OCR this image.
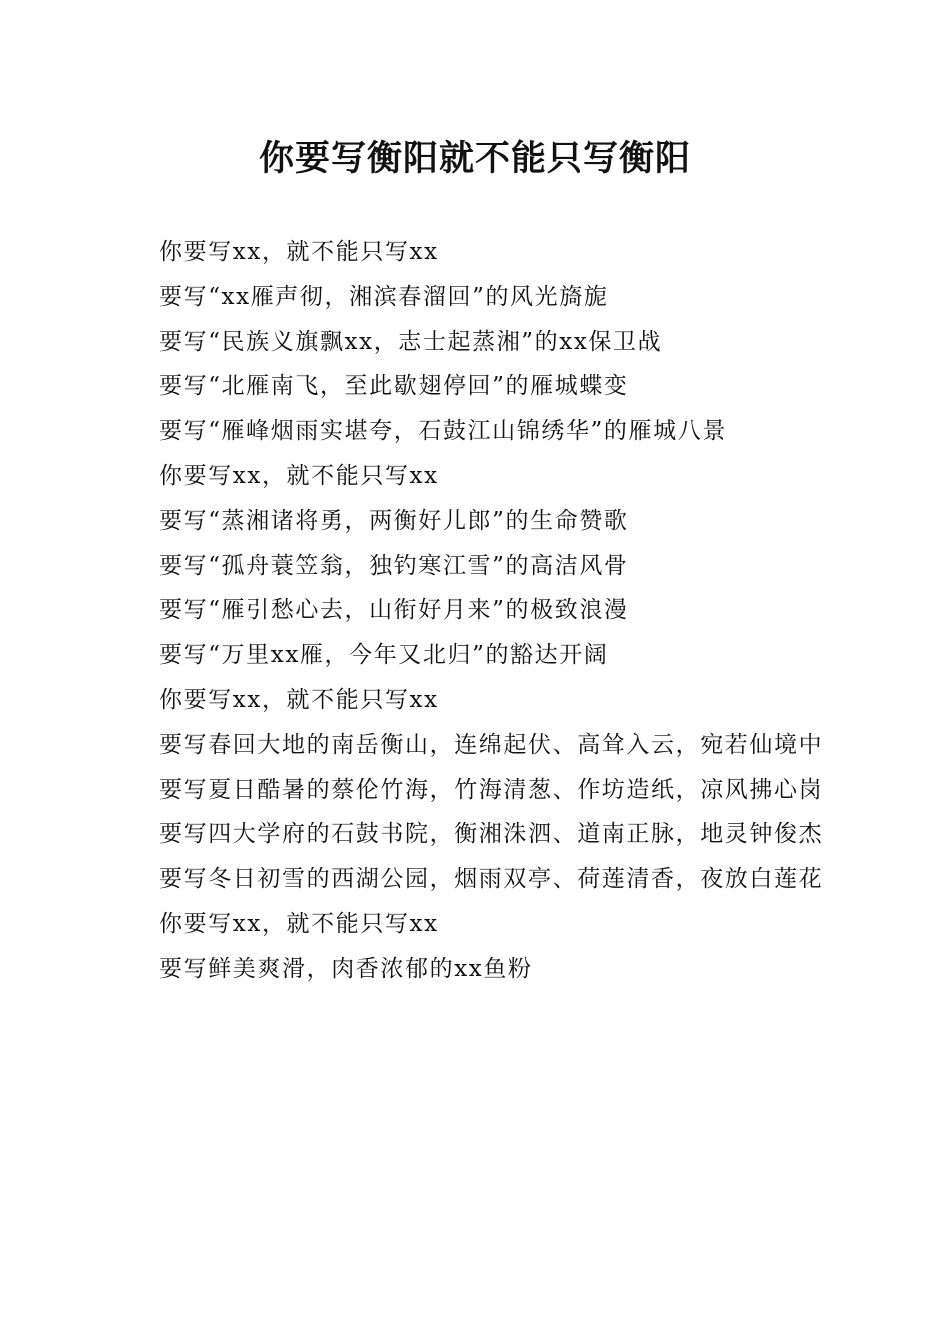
你要写衡阳就不能只写衡阳

你要写xx，就不能只写xx

要写“xx雁声彻，湘滨春溜回”的风光旖旎

要写“民族义旗飘xx，志士起蒸湘”的xx保卫战

要写“北雁南飞，至此歇翅停回”的雁城蝶变

要写“雁峰烟雨实堪夸，石鼓江山锦绣华”的雁城八景

你要写xx，就不能只写xx

要写“蒸湘诸将勇，两衡好儿郎”的生命赞歌

要写“孤舟蓑笠翁，独钓寒江雪”的高洁风骨

要写“雁引愁心去，山衔好月来”的极致浪漫

要写“万里xx雁，今年又北归”的豁达开阔

你要写xx，就不能只写xx

要写春回大地的南岳衡山，连绵起伏、高耸入云，宛若仙境中

要写夏日酷暑的蔡伦竹海，竹海清葱、作坊造纸，凉风拂心岗

要写四大学府的石鼓书院，衡湘洙泗、道南正脉，地灵钟俊杰

要写冬日初雪的西湖公园，烟雨双亭、荷莲清香，夜放白莲花

你要写xx，就不能只写xx

要写鲜美爽滑，肉香浓郁的xx鱼粉
